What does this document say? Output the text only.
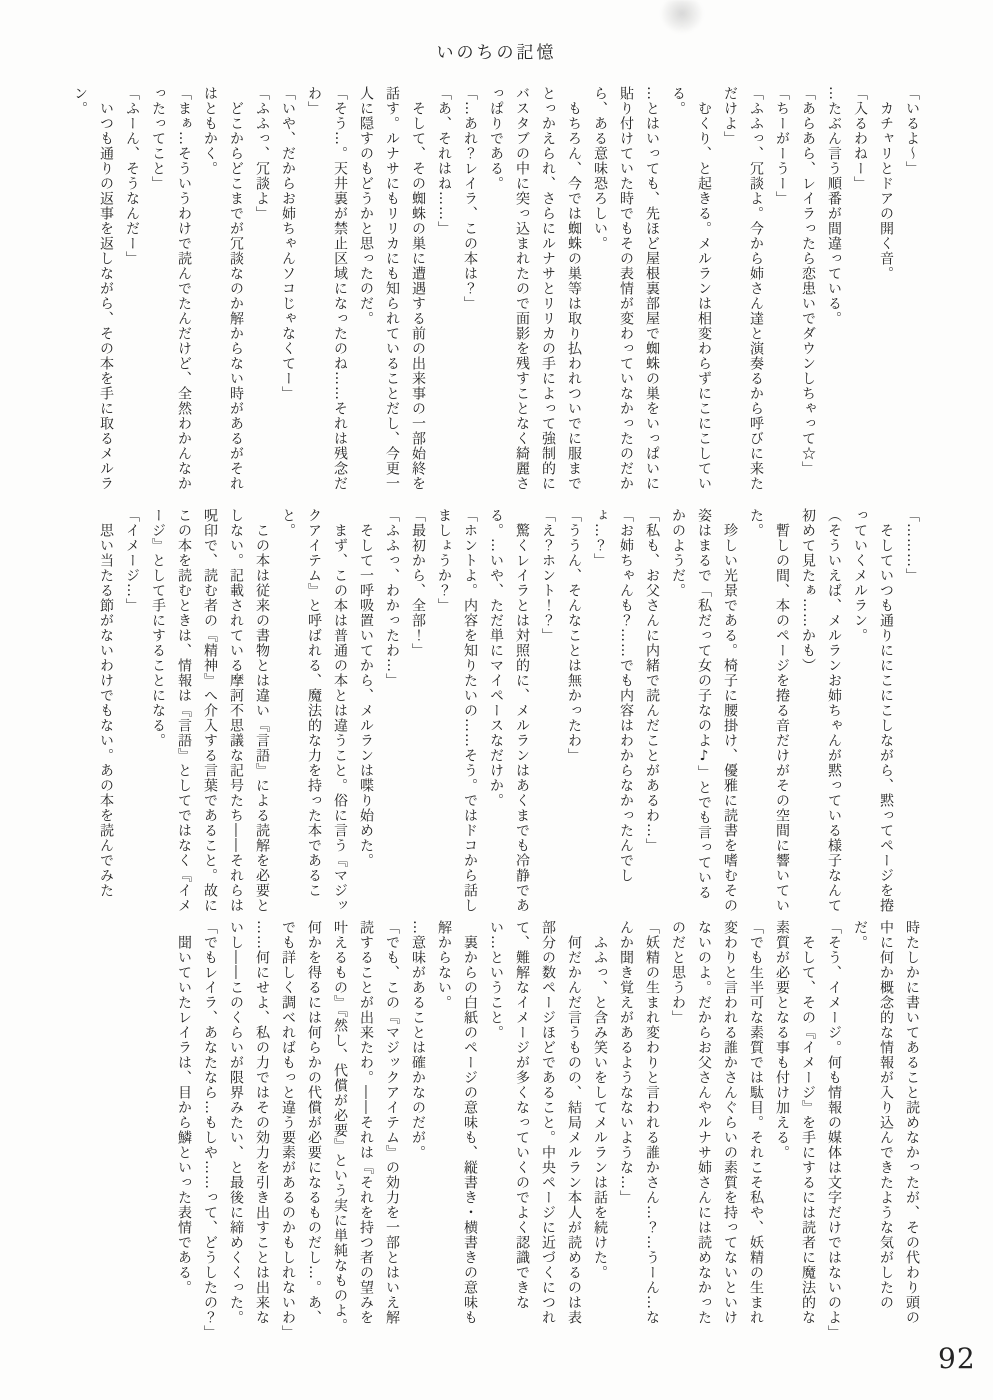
いのちの記憶

「いるよ〜」

カチャリとドアの開く音。

「入るわねー」

…たぶん言う順番が間違っている。

「あらあら、レイラったら恋患いでダウンしちゃって☆」

「ちーがーうー」

「ふふっ、冗談よ。今から姉さん達と演奏るから呼びに来ただけよ」

むくり、と起きる。メルランは相変わらずにこにこしている。

…とはいっても、先ほど屋根裏部屋で蜘蛛の巣をいっぱいに貼り付けていた時でもその表情が変わっていなかったのだから、ある意味恐ろしい。

もちろん、今では蜘蛛の巣等は取り払われついでに服までとっかえられ、さらにルナサとリリカの手によって強制的にバスタブの中に突っ込まれたので面影を残すことなく綺麗さっぱりである。

「…あれ？レイラ、この本は？」

「あ、それはね……」

そして、その蜘蛛の巣に遭遇する前の出来事の一部始終を話す。ルナサにもリリカにも知られていることだし、今更一人に隠すのもどうかと思ったのだ。

「そう…。天井裏が禁止区域になったのね……それは残念だわ」

「いや、だからお姉ちゃんソコじゃなくてー」

「ふふっ、冗談よ」

どこからどこまでが冗談なのか解からない時があるがそれはともかく。

「まぁ…そういうわけで読んでたんだけど、全然わかんなかったってこと」

「ふーん、そうなんだー」

いつも通りの返事を返しながら、その本を手に取るメルラン。

「………」

そしていつも通りににこにこしながら、黙ってページを捲っていくメルラン。

（そういえば、メルランお姉ちゃんが黙っている様子なんて初めて見たぁ……かも）

暫しの間、本のページを捲る音だけがその空間に響いていた。

珍しい光景である。椅子に腰掛け、優雅に読書を嗜むその姿はまるで「私だって女の子なのよ♪」とでも言っているかのようだ。

「私も、お父さんに内緒で読んだことがあるわ…」

「お姉ちゃんも？……でも内容はわからなかったんでしょ…？」

「ううん、そんなことは無かったわ」

「え？ホント！？」

驚くレイラとは対照的に、メルランはあくまでも冷静である。…いや、ただ単にマイペースなだけか。

「ホントよ。内容を知りたいの……そう。ではドコから話しましょうか？」

「最初から、全部！」

「ふふっ、わかったわ…」

そして一呼吸置いてから、メルランは喋り始めた。

まず、この本は普通の本とは違うこと。俗に言う『マジックアイテム』と呼ばれる、魔法的な力を持った本であること。

この本は従来の書物とは違い『言語』による読解を必要としない。記載されている摩訶不思議な記号たち――それらは呪印で、読む者の『精神』へ介入する言葉であること。故にこの本を読むときは、情報は『言語』としてではなく『イメージ』として手にすることになる。

「イメージ…」

思い当たる節がないわけでもない。あの本を読んでみた

時たしかに書いてあること読めなかったが、その代わり頭の中に何か概念的な情報が入り込んできたような気がしたのだ。

「そう、イメージ。何も情報の媒体は文字だけではないのよ」

そして、その『イメージ』を手にするには読者に魔法的な素質が必要となる事も付け加える。

「でも生半可な素質では駄目。それこそ私や、妖精の生まれ変わりと言われる誰かさんぐらいの素質を持ってないといけないのよ。だからお父さんやルナサ姉さんには読めなかったのだと思うわ」

「妖精の生まれ変わりと言われる誰かさん…？…うーん…なんか聞き覚えがあるようなないような…」

ふふっ、と含み笑いをしてメルランは話を続けた。

何だかんだ言うものの、結局メルラン本人が読めるのは表部分の数ページほどであること。中央ページに近づくにつれて、難解なイメージが多くなっていくのでよく認識できない…ということ。

裏からの白紙のページの意味も、縦書き・横書きの意味も解からない。

…意味があることは確かなのだが。

「でも、この『マジックアイテム』の効力を一部とはいえ解読することが出来たわ。――それは『それを持つ者の望みを叶えるもの』『然し、代償が必要』という実に単純なものよ。何かを得るには何らかの代償が必要になるものだし…。あ、でも詳しく調べればもっと違う要素があるのかもしれないわ」

……何にせよ、私の力ではその効力を引き出すことは出来ないし――このくらいが限界みたい、と最後に締めくくった。

「でもレイラ、あなたなら…もしや……って、どうしたの？」

聞いていたレイラは、目から鱗といった表情である。

92
